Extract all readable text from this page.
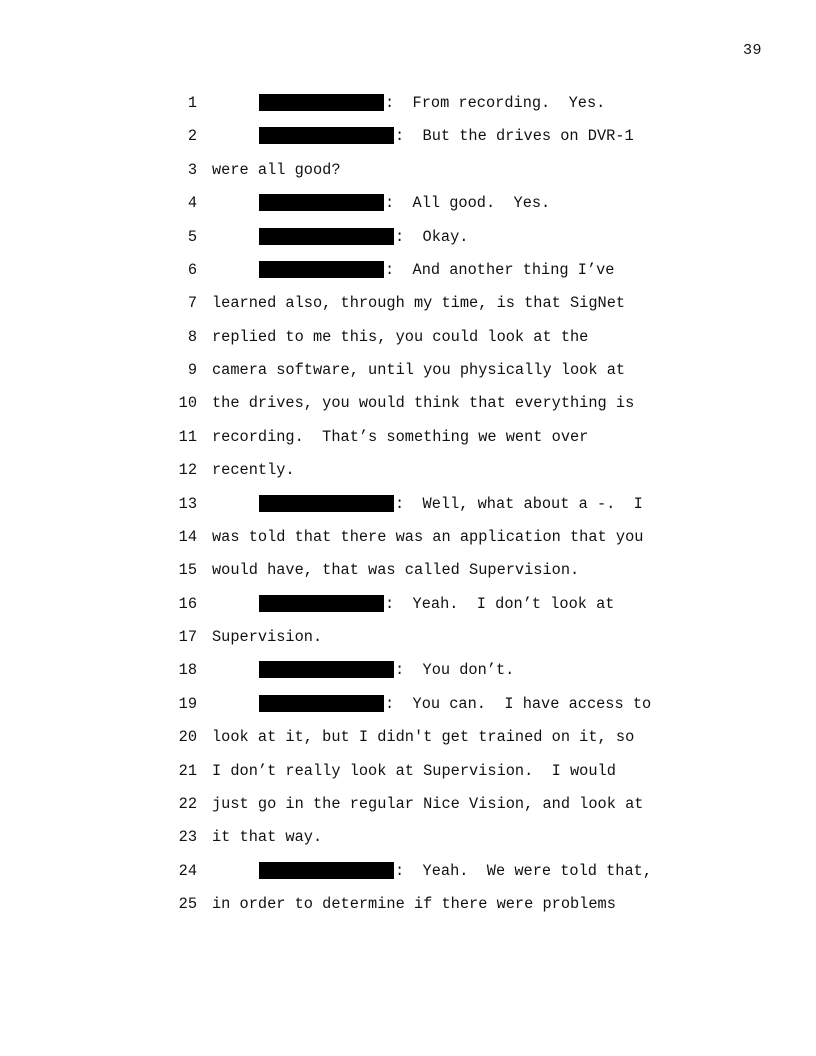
39
1	:  From recording.  Yes.
2	:  But the drives on DVR-1
3 were all good?
4	:  All good.  Yes.
5	:  Okay.
6	:  And another thing I’ve
7 learned also, through my time, is that SigNet
8 replied to me this, you could look at the
9 camera software, until you physically look at
10 the drives, you would think that everything is
11 recording.  That’s something we went over
12 recently.
13	:  Well, what about a -.  I
14 was told that there was an application that you
15 would have, that was called Supervision.
16	:  Yeah.  I don’t look at
17 Supervision.
18	:  You don’t.
19	:  You can.  I have access to
20 look at it, but I didn't get trained on it, so
21 I don’t really look at Supervision.  I would
22 just go in the regular Nice Vision, and look at
23 it that way.
24	:  Yeah.  We were told that,
25 in order to determine if there were problems
